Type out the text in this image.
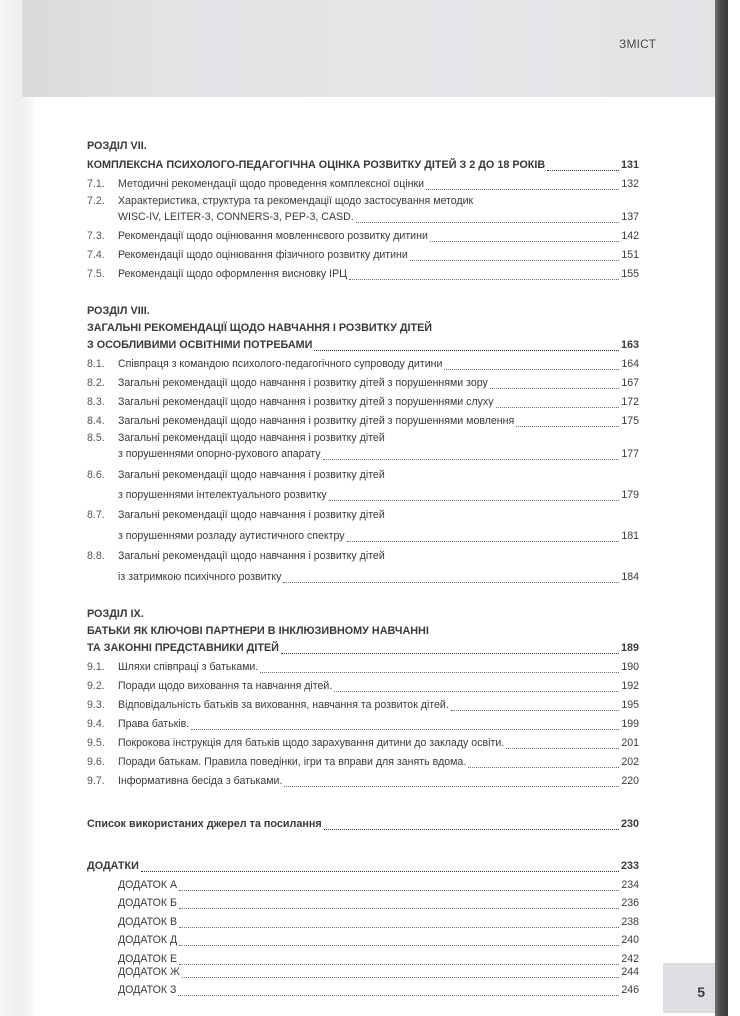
ЗМІСТ
РОЗДІЛ VII.
КОМПЛЕКСНА ПСИХОЛОГО-ПЕДАГОГІЧНА ОЦІНКА РОЗВИТКУ ДІТЕЙ З 2 ДО 18 РОКІВ	131
7.1.	Методичні рекомендації щодо проведення комплексної оцінки	132
7.2.	Характеристика, структура та рекомендації щодо застосування методик
WISC-IV, LEITER-3, CONNERS-3, PEP-3, CASD.	137
7.3.	Рекомендації щодо оцінювання мовленнєвого розвитку дитини	142
7.4.	Рекомендації щодо оцінювання фізичного розвитку дитини	151
7.5.	Рекомендації щодо оформлення висновку ІРЦ	155
РОЗДІЛ VIII.
ЗАГАЛЬНІ РЕКОМЕНДАЦІЇ ЩОДО НАВЧАННЯ І РОЗВИТКУ ДІТЕЙ
З ОСОБЛИВИМИ ОСВІТНІМИ ПОТРЕБАМИ	163
8.1.	Співпраця з командою психолого-педагогічного супроводу дитини	164
8.2.	Загальні рекомендації щодо навчання і розвитку дітей з порушеннями зору	167
8.3.	Загальні рекомендації щодо навчання і розвитку дітей з порушеннями слуху	172
8.4.	Загальні рекомендації щодо навчання і розвитку дітей з порушеннями мовлення	175
8.5.	Загальні рекомендації щодо навчання і розвитку дітей
з порушеннями опорно-рухового апарату	177
8.6.	Загальні рекомендації щодо навчання і розвитку дітей
з порушеннями інтелектуального розвитку	179
8.7.	Загальні рекомендації щодо навчання і розвитку дітей
з порушеннями розладу аутистичного спектру	181
8.8.	Загальні рекомендації щодо навчання і розвитку дітей
із затримкою психічного розвитку	184
РОЗДІЛ IX.
БАТЬКИ ЯК КЛЮЧОВІ ПАРТНЕРИ В ІНКЛЮЗИВНОМУ НАВЧАННІ
ТА ЗАКОННІ ПРЕДСТАВНИКИ ДІТЕЙ	189
9.1.	Шляхи співпраці з батьками.	190
9.2.	Поради щодо виховання та навчання дітей.	192
9.3.	Відповідальність батьків за виховання, навчання та розвиток дітей.	195
9.4.	Права батьків.	199
9.5.	Покрокова інструкція для батьків щодо зарахування дитини до закладу освіти.	201
9.6.	Поради батькам. Правила поведінки, ігри та вправи для занять вдома.	202
9.7.	Інформативна бесіда з батьками.	220
Список використаних джерел та посилання	230
ДОДАТКИ	233
ДОДАТОК А	234
ДОДАТОК Б	236
ДОДАТОК В	238
ДОДАТОК Д	240
ДОДАТОК Е	242
ДОДАТОК Ж	244
ДОДАТОК З	246	5
